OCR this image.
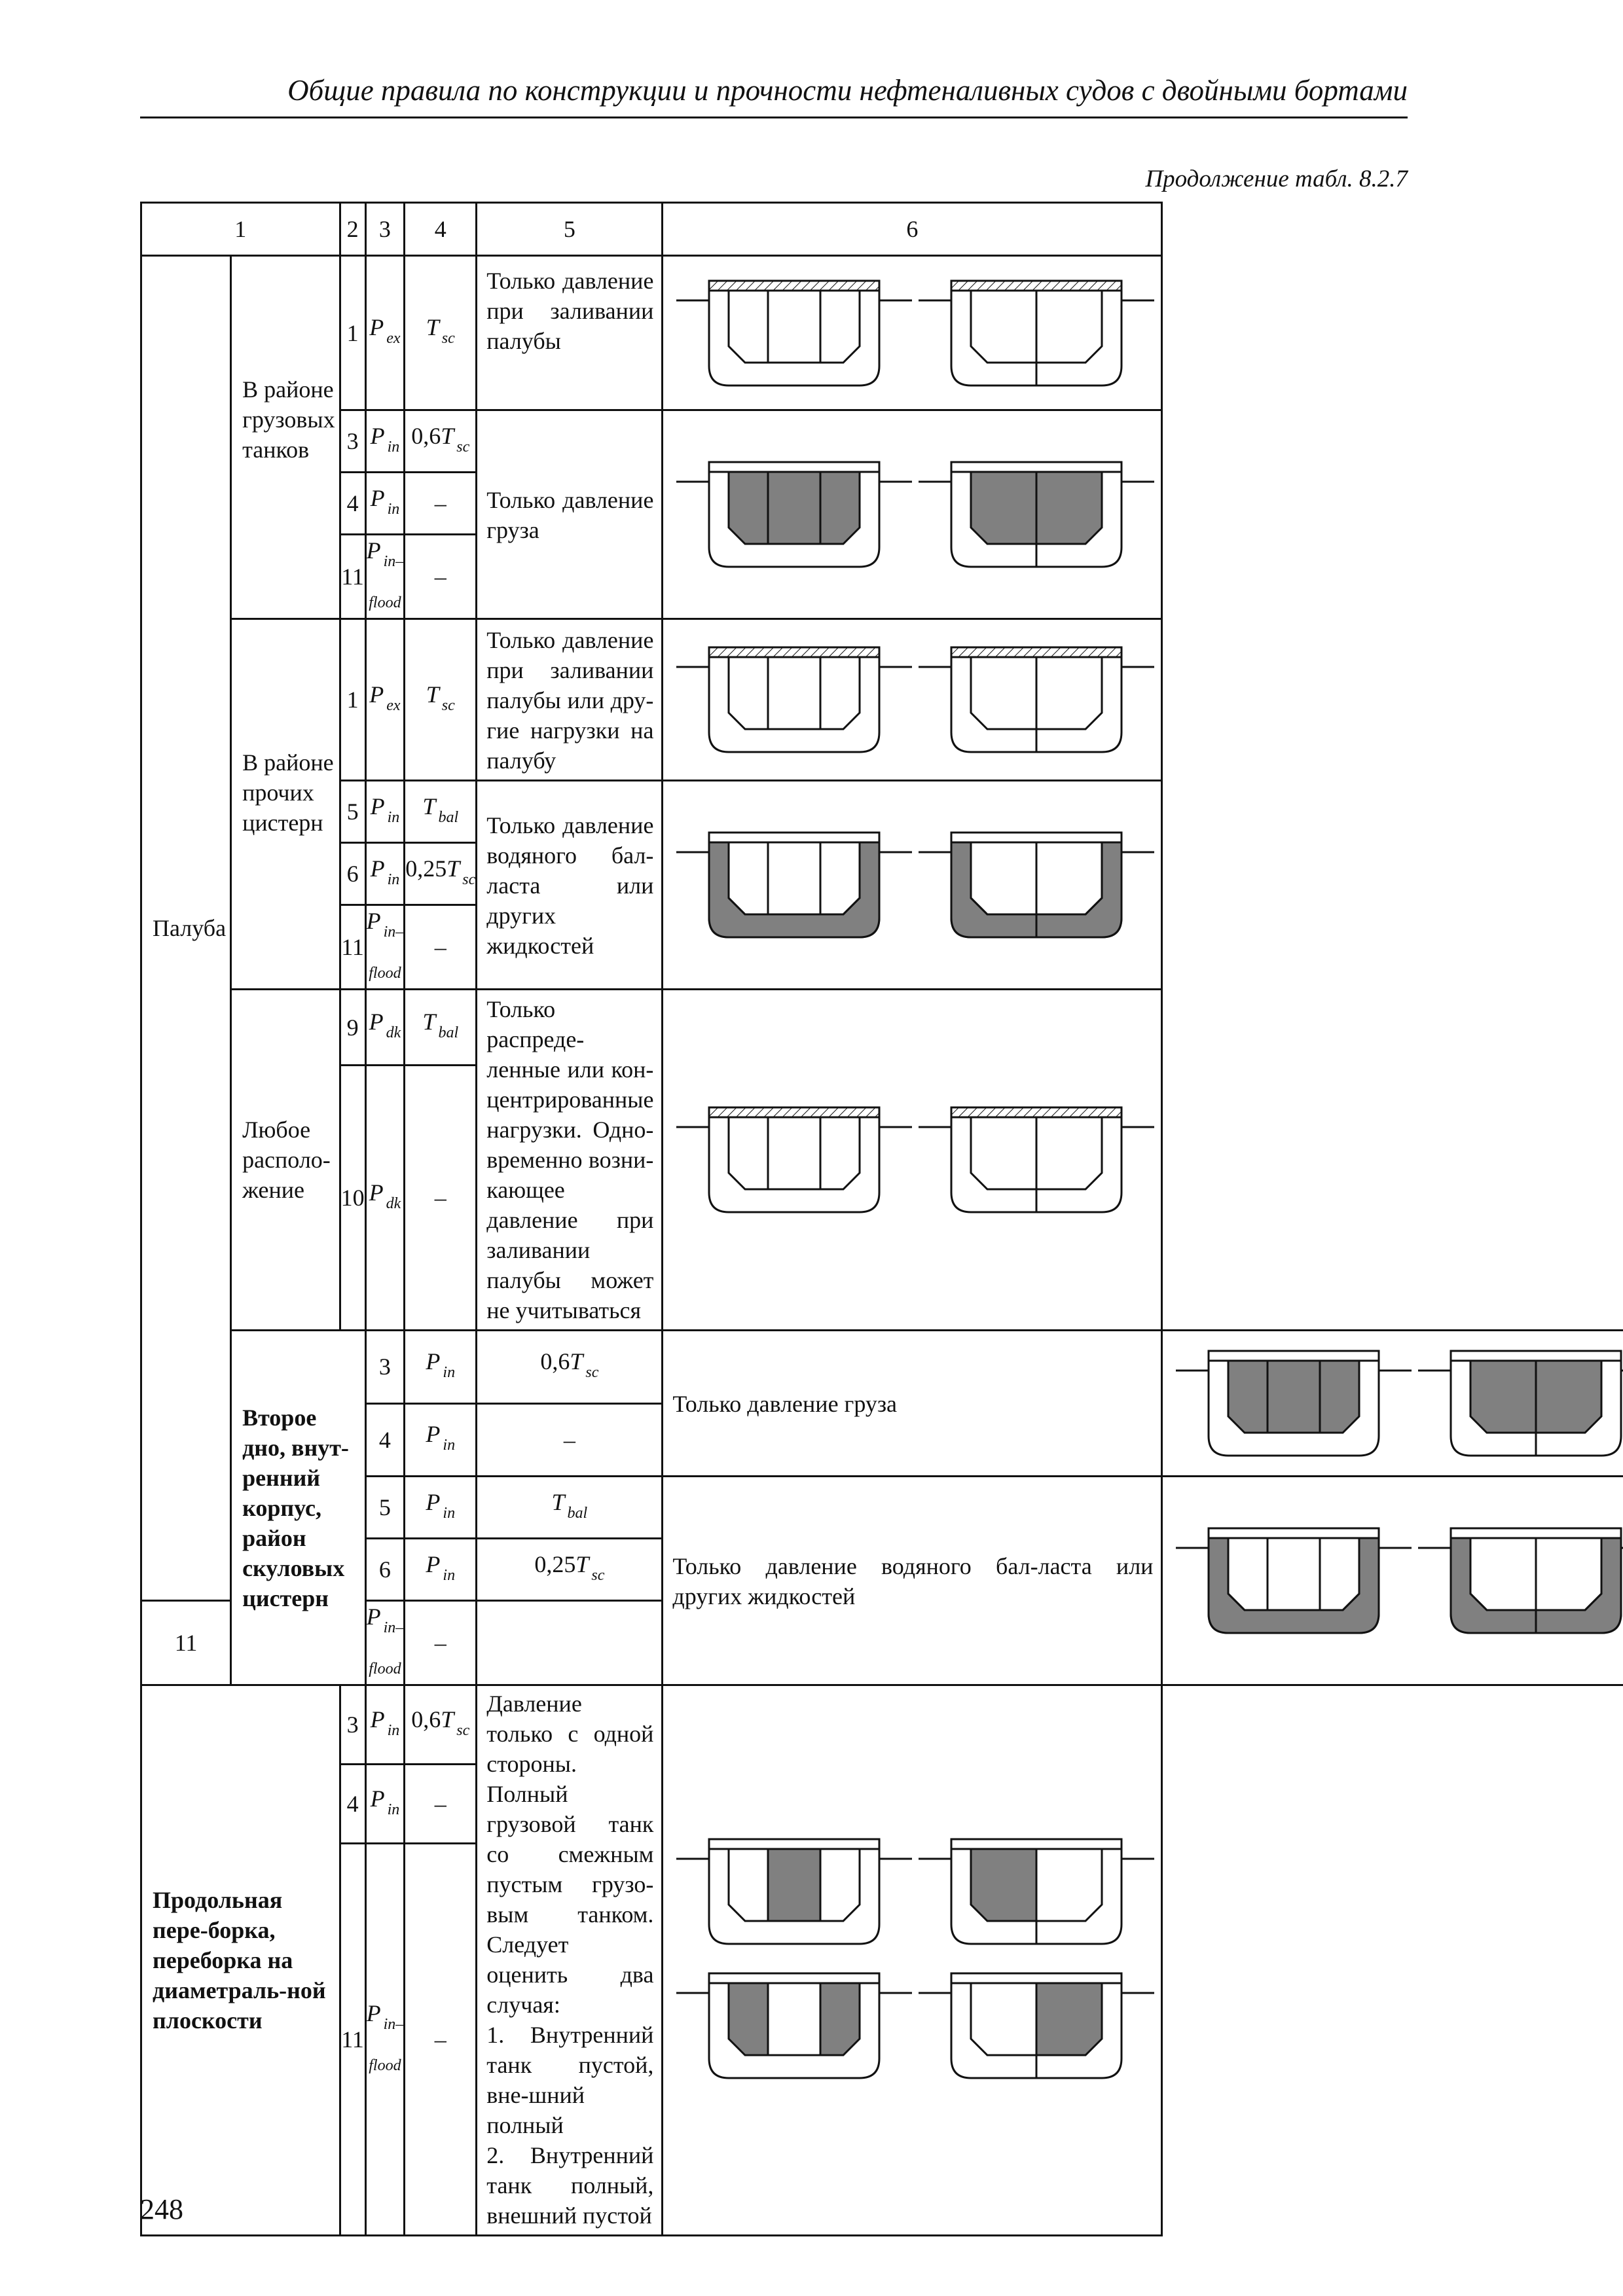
Общие правила по конструкции и прочности нефтеналивных судов с двойными бортами
Продолжение табл. 8.2.7
1		2	3	4	5	6	
Палуба	В районе грузовых танков	1	P $_{ex}$	T $_{sc}$	Только давление при заливании палубы	

		3	P $_{in}$	0,6T $_{sc}$	Только давление груза	

		4	P $_{in}$	–			
		11	P $_{in-flood}$	–			
	В районе прочих цистерн	1	P $_{ex}$	T $_{sc}$	Только давление при заливании палубы или дру-гие нагрузки на палубу	

		5	P $_{in}$	T $_{bal}$	Только давление водяного бал-ласта или других жидкостей	

		6	P $_{in}$	0,25T $_{sc}$
		11	P $_{in-flood}$	–			
	Любое располо-жение	9	P $_{dk}$	T $_{bal}$	Только распреде-ленные или кон-центрированные нагрузки. Одно-временно возни-кающее давление при заливании палубы может не учитываться	

		10	P $_{dk}$	–			
	Второе дно, внут-ренний корпус, район скуловых цистерн		3	P $_{in}$	0,6T $_{sc}$	Только давление груза	

			4	P $_{in}$	–		
			5	P $_{in}$	T $_{bal}$	Только давление водяного бал-ласта или других жидкостей	

			6	P $_{in}$	0,25T $_{sc}$
11			P $_{in-flood}$	–			
Продольная пере-борка, переборка на диаметраль-ной плоскости		3	P $_{in}$	0,6T $_{sc}$	Давление только с одной стороны. Полный грузовой танк со смежным пустым грузо-вым танком. Следует оценить два случая:
1. Внутренний танк пустой, вне-шний полный
2. Внутренний танк полный, внешний пустой	

		4	P $_{in}$	–			
		11	P $_{in-flood}$	–			
248
